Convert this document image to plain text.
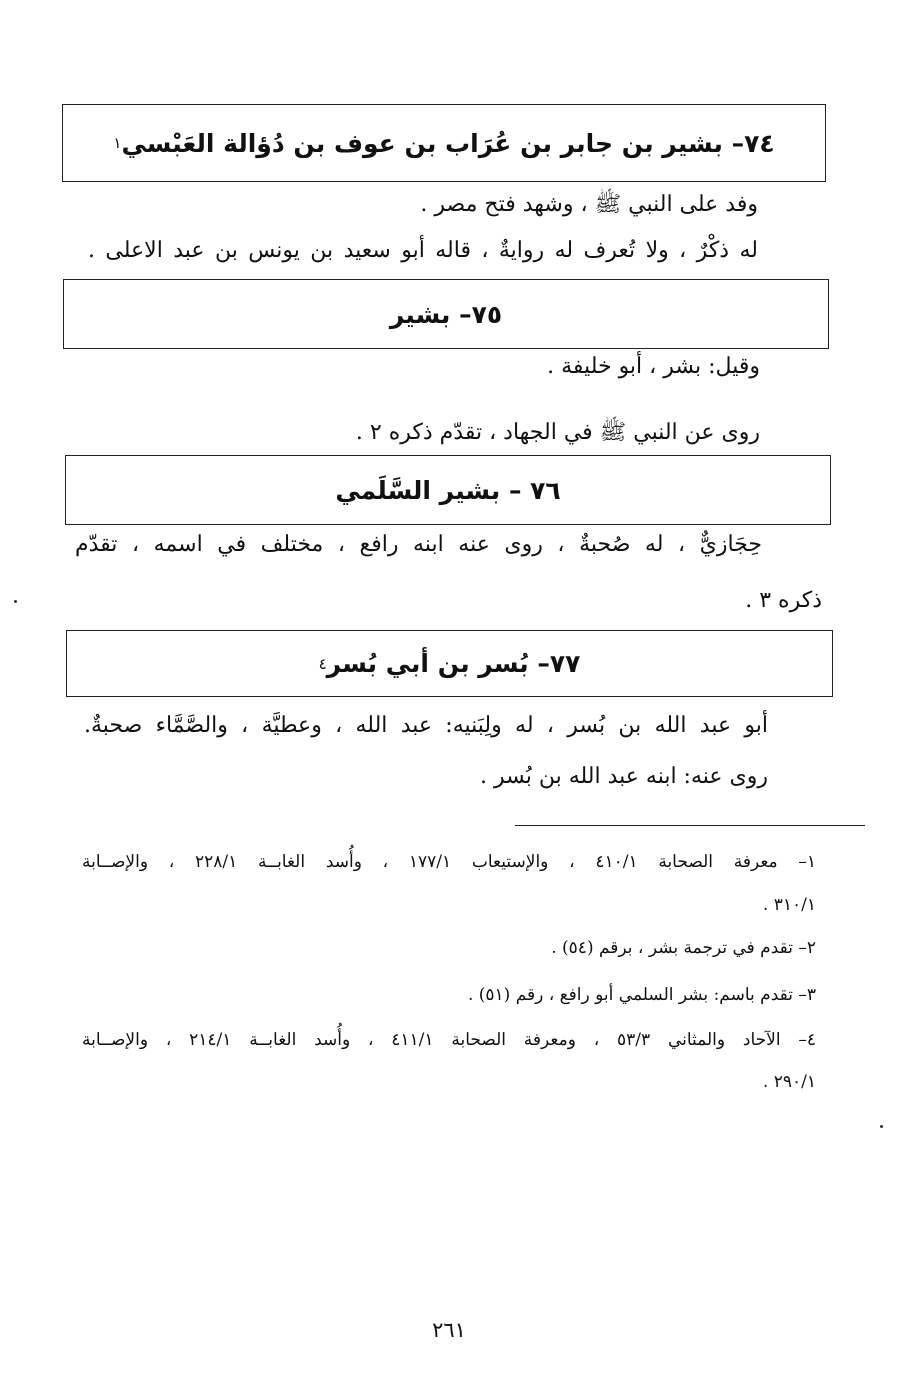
٧٤– بشير بن جابر بن عُرَاب بن عوف بن دُؤالة العَبْسي
١
وفد على النبي ﷺ ، وشهد فتح مصر .
له ذكْرٌ ، ولا تُعرف له روايةٌ ، قاله أبو سعيد بن يونس بن عبد الاعلى .
٧٥– بشير
وقيل: بشر ، أبو خليفة .
روى عن النبي ﷺ في الجهاد ، تقدّم ذكره ٢ .
٧٦ – بشير السَّلَمي
حِجَازيٌّ ، له صُحبةٌ ، روى عنه ابنه رافع ، مختلف في اسمه ، تقدّم
ذكره ٣ .
٧٧– بُسر بن أبي بُسر
٤
أبو عبد الله بن بُسر ، له ولِبَنيه: عبد الله ، وعطيَّة ، والصَّمَّاء صحبةٌ.
روى عنه: ابنه عبد الله بن بُسر .
١– معرفة الصحابة ٤١٠/١ ، والإستيعاب ١٧٧/١ ، وأُسد الغابــة ٢٢٨/١ ، والإصــابة
٣١٠/١ .
٢– تقدم في ترجمة بشر ، برقم (٥٤) .
٣– تقدم باسم: بشر السلمي أبو رافع ، رقم (٥١) .
٤– الآحاد والمثاني ٥٣/٣ ، ومعرفة الصحابة ٤١١/١ ، وأُسد الغابــة ٢١٤/١ ، والإصــابة
٢٩٠/١ .
٢٦١
